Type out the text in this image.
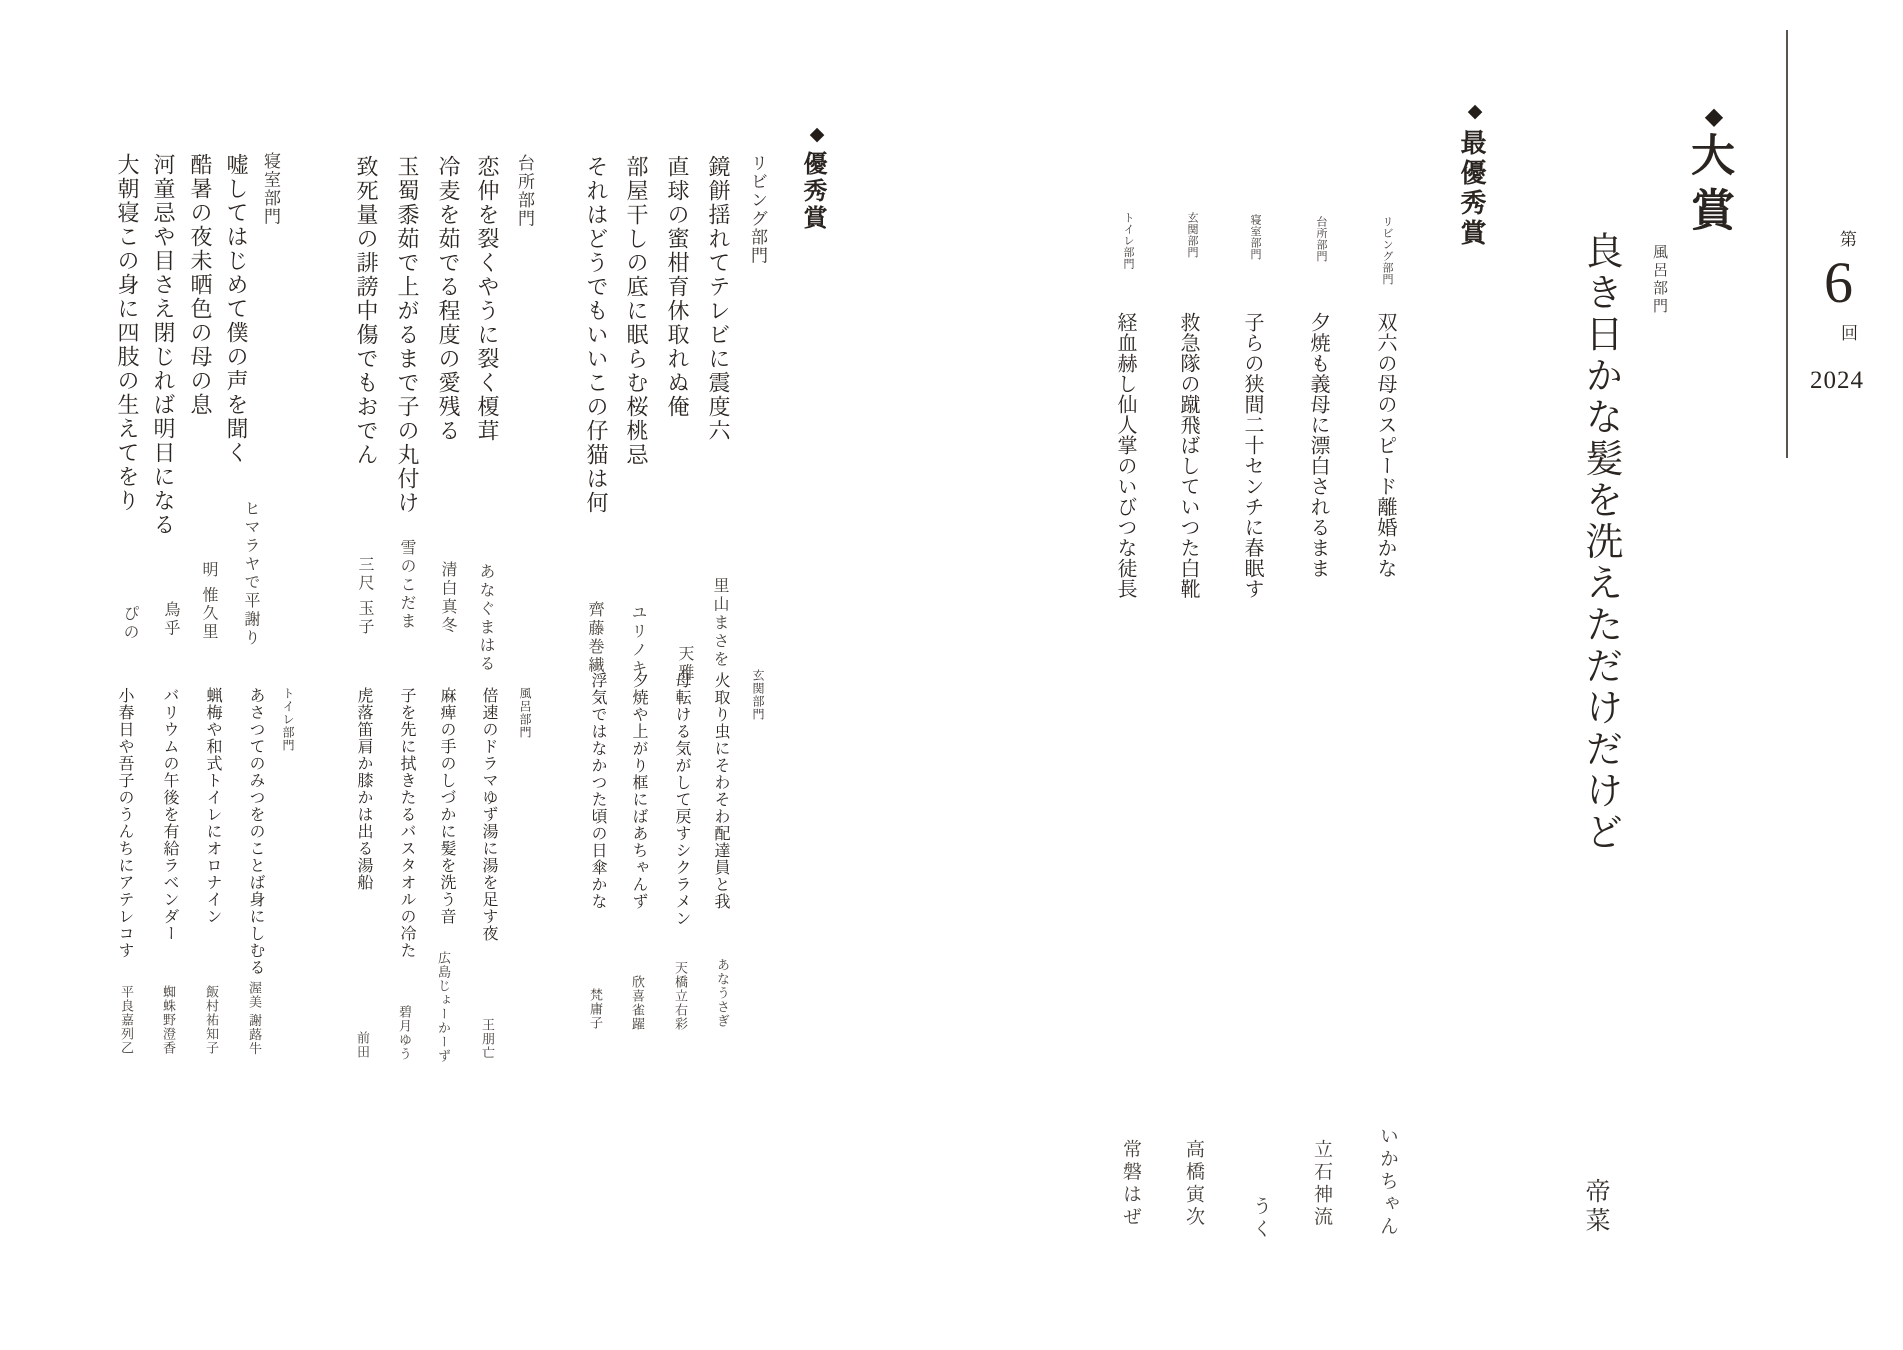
第
6
回
2024
◆
大賞
風呂部門
良き日かな髪を洗えただけだけど
帝菜
◆
最優秀賞
リビング部門
双六の母のスピード離婚かな
いかちゃん
台所部門
夕焼も義母に漂白されるまま
立石神流
寝室部門
子らの狭間二十センチに春眠す
うく
玄関部門
救急隊の蹴飛ばしていつた白靴
高橋寅次
トイレ部門
経血赫し仙人掌のいびつな徒長
常磐はぜ
◆
優秀賞
リビング部門
鏡餅揺れてテレビに震度六
里山まさを
直球の蜜柑育休取れぬ俺
天雅
部屋干しの底に眠らむ桜桃忌
ユリノキ
それはどうでもいいこの仔猫は何
齊藤巻繊
台所部門
恋仲を裂くやうに裂く榎茸
あなぐまはる
冷麦を茹でる程度の愛残る
清白真冬
玉蜀黍茹で上がるまで子の丸付け
雪のこだま
致死量の誹謗中傷でもおでん
三尺 玉子
寝室部門
嘘してはじめて僕の声を聞く
ヒマラヤで平謝り
酷暑の夜未晒色の母の息
明 惟久里
河童忌や目さえ閉じれば明日になる
鳥乎
大朝寝この身に四肢の生えてをり
ぴの
玄関部門
火取り虫にそわそわ配達員と我
あなうさぎ
母転ける気がして戻すシクラメン
天橋立右彩
夕焼や上がり框にばあちゃんず
欣喜雀躍
浮気ではなかつた頃の日傘かな
梵庸子
風呂部門
倍速のドラマゆず湯に湯を足す夜
王朋亡
麻痺の手のしづかに髪を洗う音
広島じょーかーず
子を先に拭きたるバスタオルの冷た
碧月ゆう
虎落笛肩か膝かは出る湯船
前田
トイレ部門
あさつてのみつをのことば身にしむる
渥美 謝蕗牛
蝋梅や和式トイレにオロナイン
飯村祐知子
バリウムの午後を有給ラベンダー
蜘蛛野澄香
小春日や吾子のうんちにアテレコす
平良嘉列乙
